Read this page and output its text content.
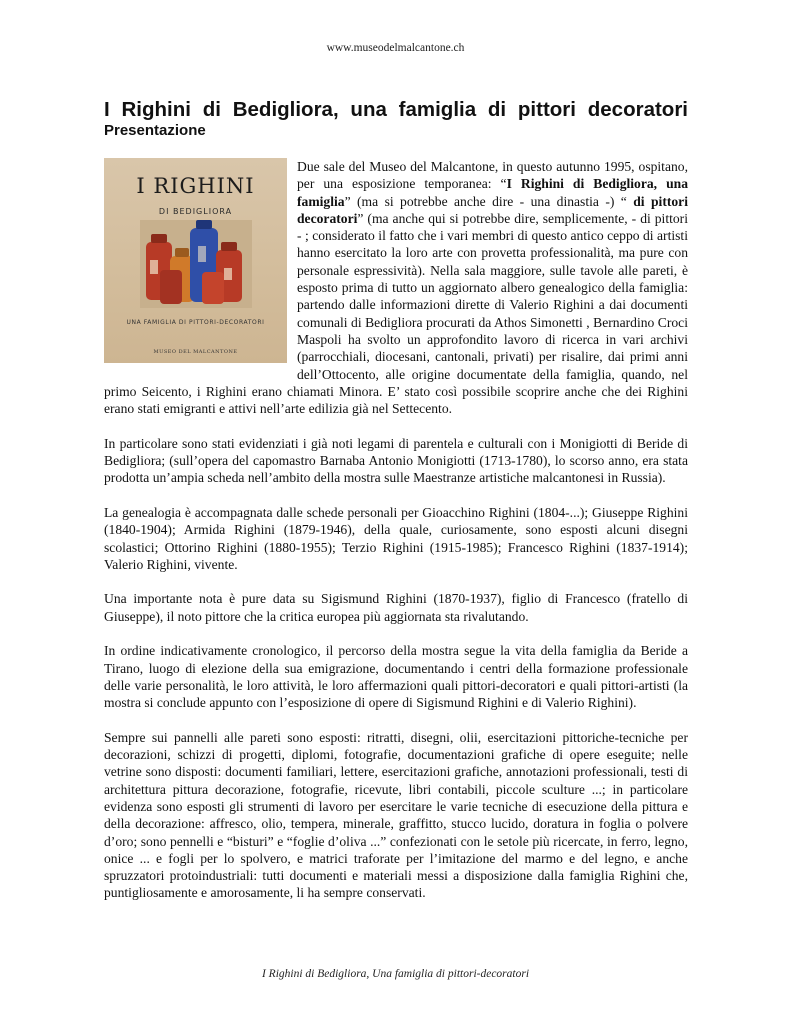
www.museodelmalcantone.ch
I Righini di Bedigliora, una famiglia di pittori decoratori
Presentazione

I RIGHINI
DI BEDIGLIORA
UNA FAMIGLIA DI PITTORI-DECORATORI
MUSEO DEL MALCANTONE
Due sale del Museo del Malcantone, in questo autunno 1995, ospitano, per una esposizione temporanea: “I Righini di Bedigliora, una famiglia” (ma si potrebbe anche dire - una dinastia -) “ di pittori decoratori” (ma anche qui si potrebbe dire, semplicemente, - di pittori - ; considerato il fatto che i vari membri di questo antico ceppo di artisti hanno esercitato la loro arte con provetta professionalità, ma pure con personale espressività). Nella sala maggiore, sulle tavole alle pareti, è esposto prima di tutto un aggiornato albero genealogico della famiglia: partendo dalle informazioni dirette di Valerio Righini a dai documenti comunali di Bedigliora procurati da Athos Simonetti , Bernardino Croci Maspoli ha svolto un approfondito lavoro di ricerca in vari archivi (parrocchiali, diocesani, cantonali, privati) per risalire, dai primi anni dell’Ottocento, alle origine documentate della famiglia, quando, nel primo Seicento, i Righini erano chiamati Minora. E’ stato così possibile scoprire anche che dei Righini erano stati emigranti e attivi nell’arte edilizia già nel Settecento.

In particolare sono stati evidenziati i già noti legami di parentela e culturali con i Monigiotti di Beride di Bedigliora; (sull’opera del capomastro Barnaba Antonio Monigiotti (1713-1780), lo scorso anno, era stata prodotta un’ampia scheda nell’ambito della mostra sulle Maestranze artistiche malcantonesi in Russia).

La genealogia è accompagnata dalle schede personali per Gioacchino Righini (1804-...); Giuseppe Righini (1840-1904); Armida Righini (1879-1946), della quale, curiosamente, sono esposti alcuni disegni scolastici; Ottorino Righini (1880-1955); Terzio Righini (1915-1985); Francesco Righini (1837-1914); Valerio Righini, vivente.

Una importante nota è pure data su Sigismund Righini (1870-1937), figlio di Francesco (fratello di Giuseppe), il noto pittore che la critica europea più aggiornata sta rivalutando.

In ordine indicativamente cronologico, il percorso della mostra segue la vita della famiglia da Beride a Tirano, luogo di elezione della sua emigrazione, documentando i centri della formazione professionale delle varie personalità, le loro attività, le loro affermazioni quali pittori-decoratori e quali pittori-artisti (la mostra si conclude appunto con l’esposizione di opere di Sigismund Righini e di Valerio Righini).

Sempre sui pannelli alle pareti sono esposti: ritratti, disegni, olii, esercitazioni pittoriche-tecniche per decorazioni, schizzi di progetti, diplomi, fotografie, documentazioni grafiche di opere eseguite; nelle vetrine sono disposti: documenti familiari, lettere, esercitazioni grafiche, annotazioni professionali, testi di architettura pittura decorazione, fotografie, ricevute, libri contabili, piccole sculture ...; in particolare evidenza sono esposti gli strumenti di lavoro per esercitare le varie tecniche di esecuzione della pittura e della decorazione: affresco, olio, tempera, minerale, graffitto, stucco lucido, doratura in foglia o polvere d’oro; sono pennelli e “bisturi” e “foglie d’oliva ...” confezionati con le setole più ricercate, in ferro, legno, onice ... e fogli per lo spolvero, e matrici traforate per l’imitazione del marmo e del legno, e anche spruzzatori protoindustriali: tutti documenti e materiali messi a disposizione dalla famiglia Righini che, puntigliosamente e amorosamente, li ha sempre conservati.

I Righini di Bedigliora, Una famiglia di pittori-decoratori
